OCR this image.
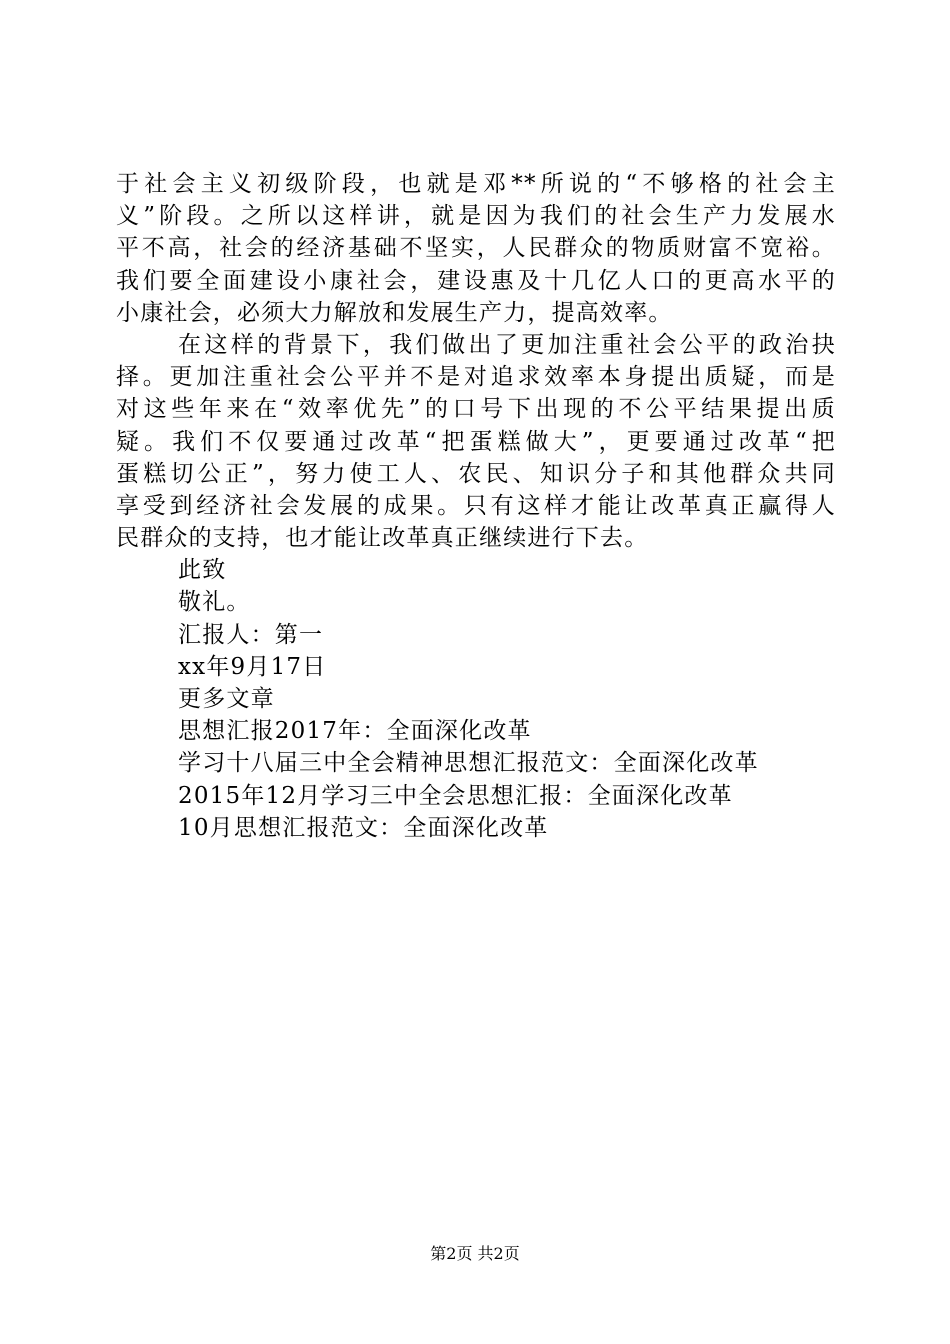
于社会主义初级阶段，也就是邓**所说的“不够格的社会主
义”阶段。之所以这样讲，就是因为我们的社会生产力发展水
平不高，社会的经济基础不坚实，人民群众的物质财富不宽裕。
我们要全面建设小康社会，建设惠及十几亿人口的更高水平的
小康社会，必须大力解放和发展生产力，提高效率。
在这样的背景下，我们做出了更加注重社会公平的政治抉
择。更加注重社会公平并不是对追求效率本身提出质疑，而是
对这些年来在“效率优先”的口号下出现的不公平结果提出质
疑。我们不仅要通过改革“把蛋糕做大”，更要通过改革“把
蛋糕切公正”，努力使工人、农民、知识分子和其他群众共同
享受到经济社会发展的成果。只有这样才能让改革真正赢得人
民群众的支持，也才能让改革真正继续进行下去。
此致
敬礼。
汇报人：第一
xx年9月17日
更多文章
思想汇报2017年：全面深化改革
学习十八届三中全会精神思想汇报范文：全面深化改革
2015年12月学习三中全会思想汇报：全面深化改革
10月思想汇报范文：全面深化改革
第2页 共2页
